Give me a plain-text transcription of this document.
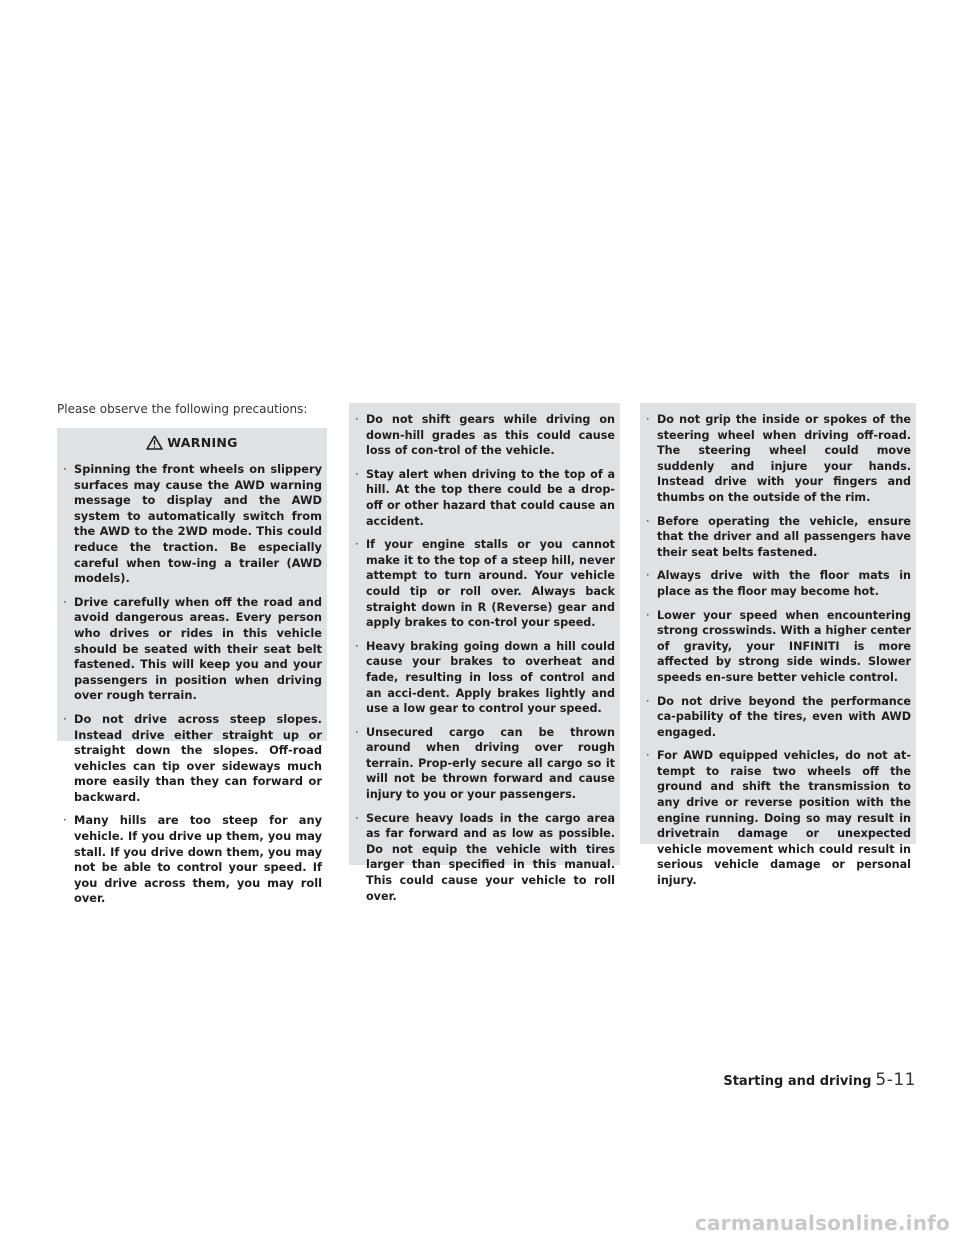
Please observe the following precautions:

WARNING
· Spinning the front wheels on slippery surfaces may cause the AWD warning message to display and the AWD system to automatically switch from the AWD to the 2WD mode. This could reduce the traction. Be especially careful when tow-ing a trailer (AWD models).
· Drive carefully when off the road and avoid dangerous areas. Every person who drives or rides in this vehicle should be seated with their seat belt fastened. This will keep you and your passengers in position when driving over rough terrain.
· Do not drive across steep slopes. Instead drive either straight up or straight down the slopes. Off-road vehicles can tip over sideways much more easily than they can forward or backward.
· Many hills are too steep for any vehicle. If you drive up them, you may stall. If you drive down them, you may not be able to control your speed. If you drive across them, you may roll over.
· Do not shift gears while driving on down-hill grades as this could cause loss of con-trol of the vehicle.
· Stay alert when driving to the top of a hill. At the top there could be a drop-off or other hazard that could cause an accident.
· If your engine stalls or you cannot make it to the top of a steep hill, never attempt to turn around. Your vehicle could tip or roll over. Always back straight down in R (Reverse) gear and apply brakes to con-trol your speed.
· Heavy braking going down a hill could cause your brakes to overheat and fade, resulting in loss of control and an acci-dent. Apply brakes lightly and use a low gear to control your speed.
· Unsecured cargo can be thrown around when driving over rough terrain. Prop-erly secure all cargo so it will not be thrown forward and cause injury to you or your passengers.
· Secure heavy loads in the cargo area as far forward and as low as possible. Do not equip the vehicle with tires larger than specified in this manual. This could cause your vehicle to roll over.
· Do not grip the inside or spokes of the steering wheel when driving off-road. The steering wheel could move suddenly and injure your hands. Instead drive with your fingers and thumbs on the outside of the rim.
· Before operating the vehicle, ensure that the driver and all passengers have their seat belts fastened.
· Always drive with the floor mats in place as the floor may become hot.
· Lower your speed when encountering strong crosswinds. With a higher center of gravity, your INFINITI is more affected by strong side winds. Slower speeds en-sure better vehicle control.
· Do not drive beyond the performance ca-pability of the tires, even with AWD engaged.
· For AWD equipped vehicles, do not at-tempt to raise two wheels off the ground and shift the transmission to any drive or reverse position with the engine running. Doing so may result in drivetrain damage or unexpected vehicle movement which could result in serious vehicle damage or personal injury.
Starting and driving 5-11
carmanualsonline.info
